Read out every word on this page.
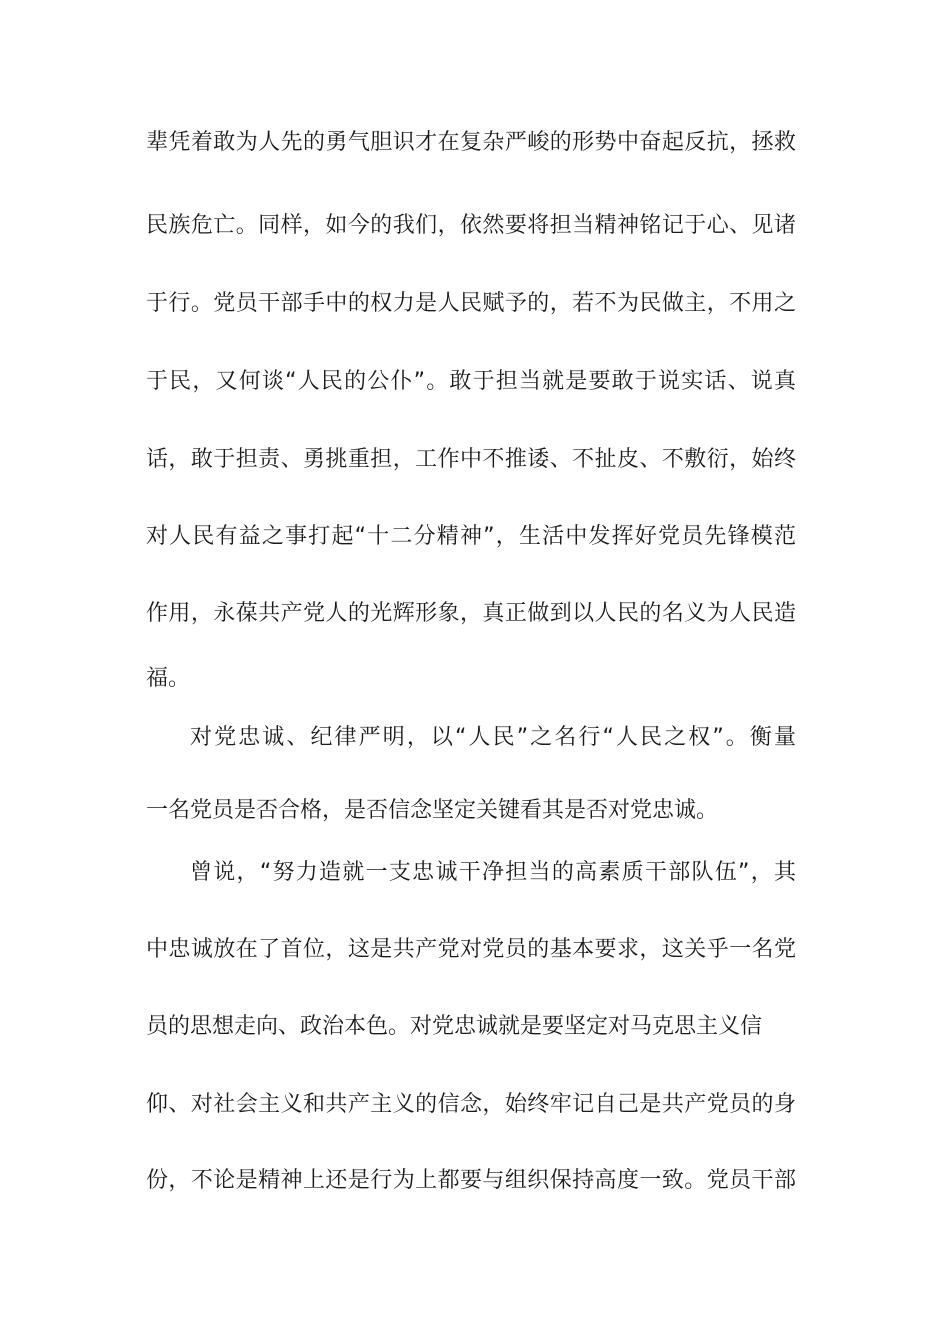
辈凭着敢为人先的勇气胆识才在复杂严峻的形势中奋起反抗，拯救
民族危亡。同样，如今的我们，依然要将担当精神铭记于心、见诸
于行。党员干部手中的权力是人民赋予的，若不为民做主，不用之
于民，又何谈“人民的公仆”。敢于担当就是要敢于说实话、说真
话，敢于担责、勇挑重担，工作中不推诿、不扯皮、不敷衍，始终
对人民有益之事打起“十二分精神”，生活中发挥好党员先锋模范
作用，永葆共产党人的光辉形象，真正做到以人民的名义为人民造
福。
对党忠诚、纪律严明，以“人民”之名行“人民之权”。衡量
一名党员是否合格，是否信念坚定关键看其是否对党忠诚。
曾说，“努力造就一支忠诚干净担当的高素质干部队伍”，其
中忠诚放在了首位，这是共产党对党员的基本要求，这关乎一名党
员的思想走向、政治本色。对党忠诚就是要坚定对马克思主义信
仰、对社会主义和共产主义的信念，始终牢记自己是共产党员的身
份，不论是精神上还是行为上都要与组织保持高度一致。党员干部
